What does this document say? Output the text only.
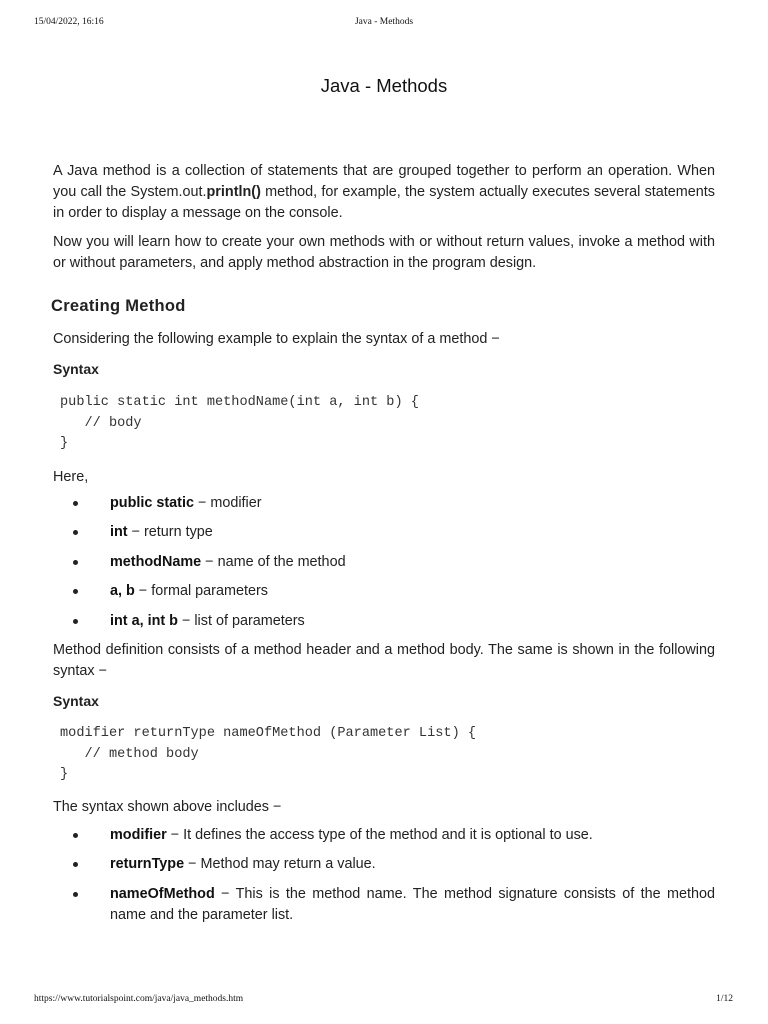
15/04/2022, 16:16	Java - Methods
Java - Methods

A Java method is a collection of statements that are grouped together to perform an operation. When you call the System.out.println() method, for example, the system actually executes several statements in order to display a message on the console.

Now you will learn how to create your own methods with or without return values, invoke a method with or without parameters, and apply method abstraction in the program design.

Creating Method

Considering the following example to explain the syntax of a method −

Syntax
public static int methodName(int a, int b) {
// body
}

Here,

public static − modifier
int − return type
methodName − name of the method
a, b − formal parameters
int a, int b − list of parameters

Method definition consists of a method header and a method body. The same is shown in the following syntax −

Syntax
modifier returnType nameOfMethod (Parameter List) {
// method body
}

The syntax shown above includes −

modifier − It defines the access type of the method and it is optional to use.
returnType − Method may return a value.
nameOfMethod − This is the method name. The method signature consists of the method name and the parameter list.
https://www.tutorialspoint.com/java/java_methods.htm	1/12
